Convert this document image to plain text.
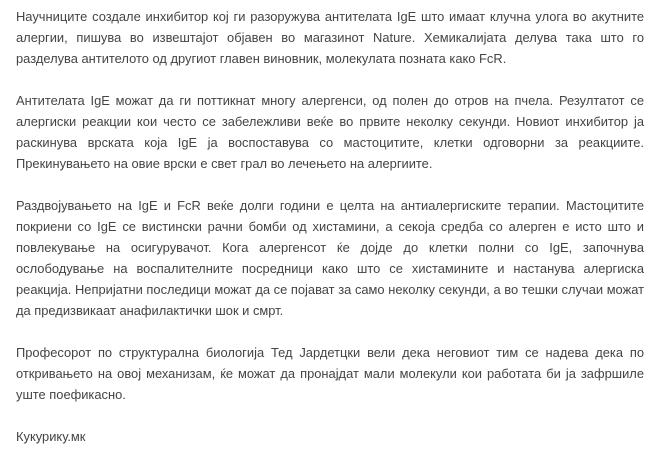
Научниците создале инхибитор кој ги разоружува антителата IgE што имаат клучна улога во акутните алергии, пишува во извештајот објавен во магазинот Nature. Хемикалијата делува така што го разделува антителото од другиот главен виновник, молекулата позната како FcR.

Антителата IgE можат да ги поттикнат многу алергенси, од полен до отров на пчела. Резултатот се алергиски реакции кои често се забележливи веќе во првите неколку секунди. Новиот инхибитор ја раскинува врската која IgE ја воспоставува со мастоцитите, клетки одговорни за реакциите. Прекинувањето на овие врски е свет грал во лечењето на алергиите.

Раздвојувањето на IgE и FcR веќе долги години е целта на антиалергиските терапии. Мастоцитите покриени со IgE се вистински рачни бомби од хистамини, а секоја средба со алерген е исто што и повлекување на осигурувачот. Кога алергенсот ќе дојде до клетки полни со IgE, започнува ослободување на воспалителните посредници како што се хистамините и настанува алергиска реакција. Непријатни последици можат да се појават за само неколку секунди, а во тешки случаи можат да предизвикаат анафилактички шок и смрт.

Професорот по структурална биологија Тед Јардетцки вели дека неговиот тим се надева дека по откривањето на овој механизам, ќе можат да пронајдат мали молекули кои работата би ја зафршиле уште поефикасно.

Кукурику.мк
